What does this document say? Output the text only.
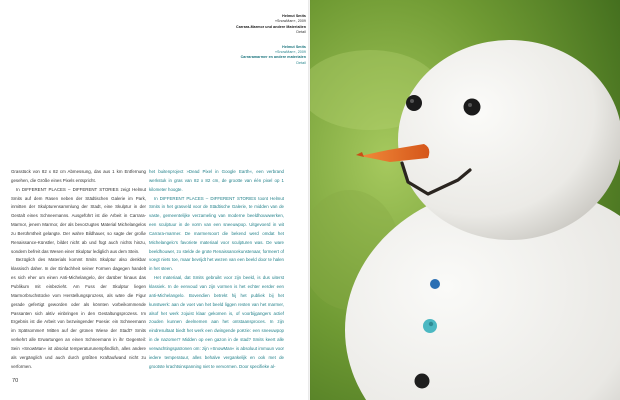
Helmut Smits
»SnowMan«, 2009
Carrara-Marmor und andere Materialien
Detail
Helmut Smits
»SnowMan«, 2009
Carraramarmer en andere materialen
Detail

Grasstück von 82 x 82 cm Abmessung, das aus 1 km Entfernung gesehen, die Größe eines Pixels entspricht.

In DIFFERENT PLACES – DIFFERENT STORIES zeigt Helmut Smits auf dem Rasen neben der Städtischen Galerie im Park, inmitten der Skulpturensammlung der Stadt, eine Skulptur in der Gestalt eines Schneemanns. Ausgeführt ist die Arbeit in Carrara-Marmor, jenem Marmor, der als bevorzugtes Material Michelangelos zu Berühmtheit gelangte. Der wahre Bildhauer, so sagte der große Renaissance-Künstler, bildet nicht ab und fügt auch nichts hinzu, sondern befreit das Wesen einer Skulptur lediglich aus dem Stein.

Bezüglich des Materials kommt Smits Skulptur also denkbar klassisch daher. In der Einfachheit seiner Formen dagegen handelt es sich eher um einen Anti-Michelangelo, der darüber hinaus das Publikum mit einbezieht. Am Fuss der Skulptur liegen Marmorbruchstücke vom Herstellungsprozess, als wäre die Figur gerade gefertigt geworden oder als könnten vorbeikommende Passanten sich aktiv einbringen in den Gestaltungsprozess. Im Ergebnis ist die Arbeit von bezwingender Poesie: ein Schneemann im Spätsommer! Mitten auf der grünen Wiese der Stadt? Smits verkehrt alle Erwartungen an einen Schneemann in ihr Gegenteil: Sein »SnowMan« ist absolut temperaturunempfindlich, alles andere als vergänglich und auch durch größten Kraftaufwand nicht zu verformen.

het buitenproject »Dead Pixel in Google Earth«, een verbrand werkstuk in gras van 82 x 82 cm, de grootte van één pixel op 1 kilometer hoogte.

In DIFFERENT PLACES – DIFFERENT STORIES toont Helmut Smits in het grasveld voor de Städtische Galerie, te midden van de vaste, gemeentelijke verzameling van moderne beeldhouwwerken, een sculptuur in de vorm van een sneeuwpop. Uitgevoerd in wit Carrara-marmer. De marmersoort die bekend werd omdat het Michelangelo's favoriete materiaal voor sculpturen was. De ware beeldhouwer, zo stelde de grote Renaissancekunstenaar, formeert of voegt niets toe, maar bevrijdt het wezen van een beeld door te halen in het steen.

Het materiaal, dat Smits gebruikt voor zijn beeld, is dus uiterst klassiek. In de eenvoud van zijn vormen is het echter eerder een anti-Michelangelo. Bovendien betrekt hij het publiek bij het kunstwerk: aan de voet van het beeld liggen resten van het marmer, alsof het werk zojuist klaar gekomen is, of voorbijgangers actief zouden kunnen deelnemen aan het ontstaansproces. In zijn eindresultaat biedt het werk een dwingende poëzie: een sneeuwpop in de nazomer? Midden op een gazon in de stad? Smits keert alle verwachtingspatronen om: zijn »SnowMan« is absoluut immuun voor iedere temperatuur, alles behalve vergankelijk en ook met de grootste krachtsinspanning niet te vervormen. Door specifieke al-

70
